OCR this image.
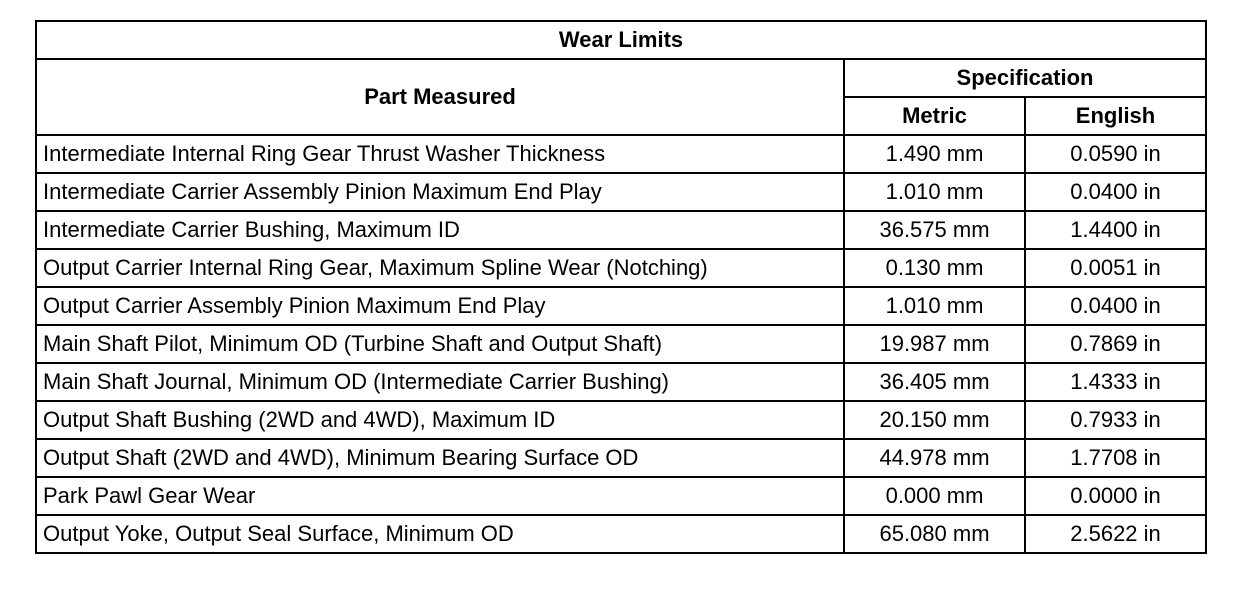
Wear Limits		
Part Measured	Specification	
	Metric	English
Intermediate Internal Ring Gear Thrust Washer Thickness	1.490 mm	0.0590 in
Intermediate Carrier Assembly Pinion Maximum End Play	1.010 mm	0.0400 in
Intermediate Carrier Bushing, Maximum ID	36.575 mm	1.4400 in
Output Carrier Internal Ring Gear, Maximum Spline Wear (Notching)	0.130 mm	0.0051 in
Output Carrier Assembly Pinion Maximum End Play	1.010 mm	0.0400 in
Main Shaft Pilot, Minimum OD (Turbine Shaft and Output Shaft)	19.987 mm	0.7869 in
Main Shaft Journal, Minimum OD (Intermediate Carrier Bushing)	36.405 mm	1.4333 in
Output Shaft Bushing (2WD and 4WD), Maximum ID	20.150 mm	0.7933 in
Output Shaft (2WD and 4WD), Minimum Bearing Surface OD	44.978 mm	1.7708 in
Park Pawl Gear Wear	0.000 mm	0.0000 in
Output Yoke, Output Seal Surface, Minimum OD	65.080 mm	2.5622 in
